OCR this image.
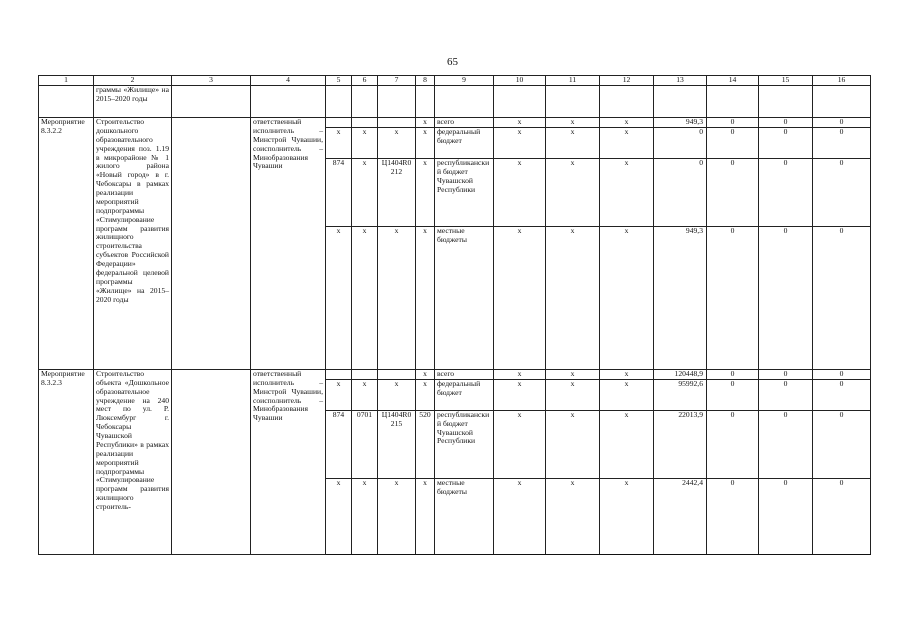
65
1	2	3	4	5	6	7	8	9	10	11	12	13	14	15	16
	граммы «Жилище» на 2015–2020 годы														
Мероприятие 8.3.2.2	Строительство дошкольного образовательного учреждения поз. 1.19 в микрорайоне № 1 жилого района «Новый город» в г. Чебоксары в рамках реализации мероприятий подпрограммы «Стимулирование программ развития жилищного строительства субъектов Российской Федерации» федеральной целевой программы «Жилище» на 2015–2020 годы		ответственный исполнитель – Минстрой Чувашии, соисполнитель – Минобразования Чувашии				х	всего	х	х	х	949,3	0	0	0
				х	х	х	х	федеральный бюджет	х	х	х	0	0	0	0
				874	х	Ц1404R0212	х	республиканский бюджет Чувашской Республики	х	х	х	0	0	0	0
				х	х	х	х	местные бюджеты	х	х	х	949,3	0	0	0
Мероприятие 8.3.2.3	Строительство объекта «Дошкольное образовательное учреждение на 240 мест по ул. Р. Люксембург г. Чебоксары Чувашской Республики» в рамках реализации мероприятий подпрограммы «Стимулирование программ развития жилищного строитель-		ответственный исполнитель – Минстрой Чувашии, соисполнитель – Минобразования Чувашии				х	всего	х	х	х	120448,9	0	0	0
				х	х	х	х	федеральный бюджет	х	х	х	95992,6	0	0	0
				874	0701	Ц1404R0215	520	республиканский бюджет Чувашской Республики	х	х	х	22013,9	0	0	0
				х	х	х	х	местные бюджеты	х	х	х	2442,4	0	0	0
